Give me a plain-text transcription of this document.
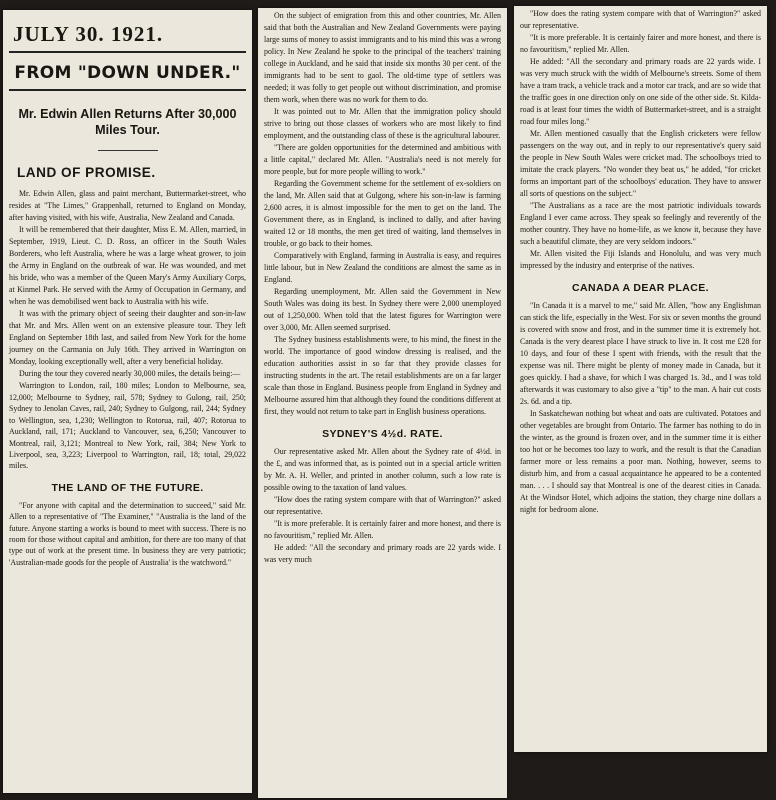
JULY 30. 1921.
FROM "DOWN UNDER."
Mr. Edwin Allen Returns After 30,000 Miles Tour.
LAND OF PROMISE.

Mr. Edwin Allen, glass and paint merchant, Buttermarket-street, who resides at "The Limes," Grappenhall, returned to England on Monday, after having visited, with his wife, Australia, New Zealand and Canada.

It will be remembered that their daughter, Miss E. M. Allen, married, in September, 1919, Lieut. C. D. Ross, an officer in the South Wales Borderers, who left Australia, where he was a large wheat grower, to join the Army in England on the outbreak of war. He was wounded, and met his bride, who was a member of the Queen Mary's Army Auxiliary Corps, at Kinmel Park. He served with the Army of Occupation in Germany, and when he was demobilised went back to Australia with his wife.

It was with the primary object of seeing their daughter and son-in-law that Mr. and Mrs. Allen went on an extensive pleasure tour. They left England on September 18th last, and sailed from New York for the home journey on the Carmania on July 16th. They arrived in Warrington on Monday, looking exceptionally well, after a very beneficial holiday.

During the tour they covered nearly 30,000 miles, the details being:—

Warrington to London, rail, 180 miles; London to Melbourne, sea, 12,000; Melbourne to Sydney, rail, 578; Sydney to Gulong, rail, 250; Sydney to Jenolan Caves, rail, 240; Sydney to Gulgong, rail, 244; Sydney to Wellington, sea, 1,230; Wellington to Rotorua, rail, 407; Rotorua to Auckland, rail, 171; Auckland to Vancouver, sea, 6,250; Vancouver to Montreal, rail, 3,121; Montreal to New York, rail, 384; New York to Liverpool, sea, 3,223; Liverpool to Warrington, rail, 18; total, 29,022 miles.

THE LAND OF THE FUTURE.

"For anyone with capital and the determination to succeed," said Mr. Allen to a representative of "The Examiner," "Australia is the land of the future. Anyone starting a works is bound to meet with success. There is no room for those without capital and ambition, for there are too many of that type out of work at the present time. In business they are very patriotic; 'Australian-made goods for the people of Australia' is the watchword."

On the subject of emigration from this and other countries, Mr. Allen said that both the Australian and New Zealand Governments were paying large sums of money to assist immigrants and to his mind this was a wrong policy. In New Zealand he spoke to the principal of the teachers' training college in Auckland, and he said that inside six months 30 per cent. of the immigrants had to be sent to gaol. The old-time type of settlers was needed; it was folly to get people out without discrimination, and promise them work, when there was no work for them to do.

It was pointed out to Mr. Allen that the immigration policy should strive to bring out those classes of workers who are most likely to find employment, and the outstanding class of these is the agricultural labourer.

"There are golden opportunities for the determined and ambitious with a little capital," declared Mr. Allen. "Australia's need is not merely for more people, but for more people willing to work."

Regarding the Government scheme for the settlement of ex-soldiers on the land, Mr. Allen said that at Gulgong, where his son-in-law is farming 2,600 acres, it is almost impossible for the men to get on the land. The Government there, as in England, is inclined to dally, and after having waited 12 or 18 months, the men get tired of waiting, land themselves in trouble, or go back to their homes.

Comparatively with England, farming in Australia is easy, and requires little labour, but in New Zealand the conditions are almost the same as in England.

Regarding unemployment, Mr. Allen said the Government in New South Wales was doing its best. In Sydney there were 2,000 unemployed out of 1,250,000. When told that the latest figures for Warrington were over 3,000, Mr. Allen seemed surprised.

The Sydney business establishments were, to his mind, the finest in the world. The importance of good window dressing is realised, and the education authorities assist in so far that they provide classes for instructing students in the art. The retail establishments are on a far larger scale than those in England. Business people from England in Sydney and Melbourne assured him that although they found the conditions different at first, they would not return to take part in English business operations.

SYDNEY'S 4½d. RATE.

Our representative asked Mr. Allen about the Sydney rate of 4½d. in the £, and was informed that, as is pointed out in a special article written by Mr. A. H. Weller, and printed in another column, such a low rate is possible owing to the taxation of land values.

"How does the rating system compare with that of Warrington?" asked our representative.

"It is more preferable. It is certainly fairer and more honest, and there is no favouritism," replied Mr. Allen.

He added: "All the secondary and primary roads are 22 yards wide. I was very much

"How does the rating system compare with that of Warrington?" asked our representative.

"It is more preferable. It is certainly fairer and more honest, and there is no favouritism," replied Mr. Allen.

He added: "All the secondary and primary roads are 22 yards wide. I was very much struck with the width of Melbourne's streets. Some of them have a tram track, a vehicle track and a motor car track, and are so wide that the traffic goes in one direction only on one side of the other side. St. Kilda-road is at least four times the width of Buttermarket-street, and is a straight road four miles long."

Mr. Allen mentioned casually that the English cricketers were fellow passengers on the way out, and in reply to our representative's query said the people in New South Wales were cricket mad. The schoolboys tried to imitate the crack players. "No wonder they beat us," he added, "for cricket forms an important part of the schoolboys' education. They have to answer all sorts of questions on the subject."

"The Australians as a race are the most patriotic individuals towards England I ever came across. They speak so feelingly and reverently of the mother country. They have no home-life, as we know it, because they have such a beautiful climate, they are very seldom indoors."

Mr. Allen visited the Fiji Islands and Honolulu, and was very much impressed by the industry and enterprise of the natives.

CANADA A DEAR PLACE.

"In Canada it is a marvel to me," said Mr. Allen, "how any Englishman can stick the life, especially in the West. For six or seven months the ground is covered with snow and frost, and in the summer time it is extremely hot. Canada is the very dearest place I have struck to live in. It cost me £28 for 10 days, and four of these I spent with friends, with the result that the expense was nil. There might be plenty of money made in Canada, but it goes quickly. I had a shave, for which I was charged 1s. 3d., and I was told afterwards it was customary to also give a "tip" to the man. A hair cut costs 2s. 6d. and a tip.

In Saskatchewan nothing but wheat and oats are cultivated. Potatoes and other vegetables are brought from Ontario. The farmer has nothing to do in the winter, as the ground is frozen over, and in the summer time it is either too hot or he becomes too lazy to work, and the result is that the Canadian farmer more or less remains a poor man. Nothing, however, seems to disturb him, and from a casual acquaintance he appeared to be a contented man. . . . I should say that Montreal is one of the dearest cities in Canada. At the Windsor Hotel, which adjoins the station, they charge nine dollars a night for bedroom alone.
